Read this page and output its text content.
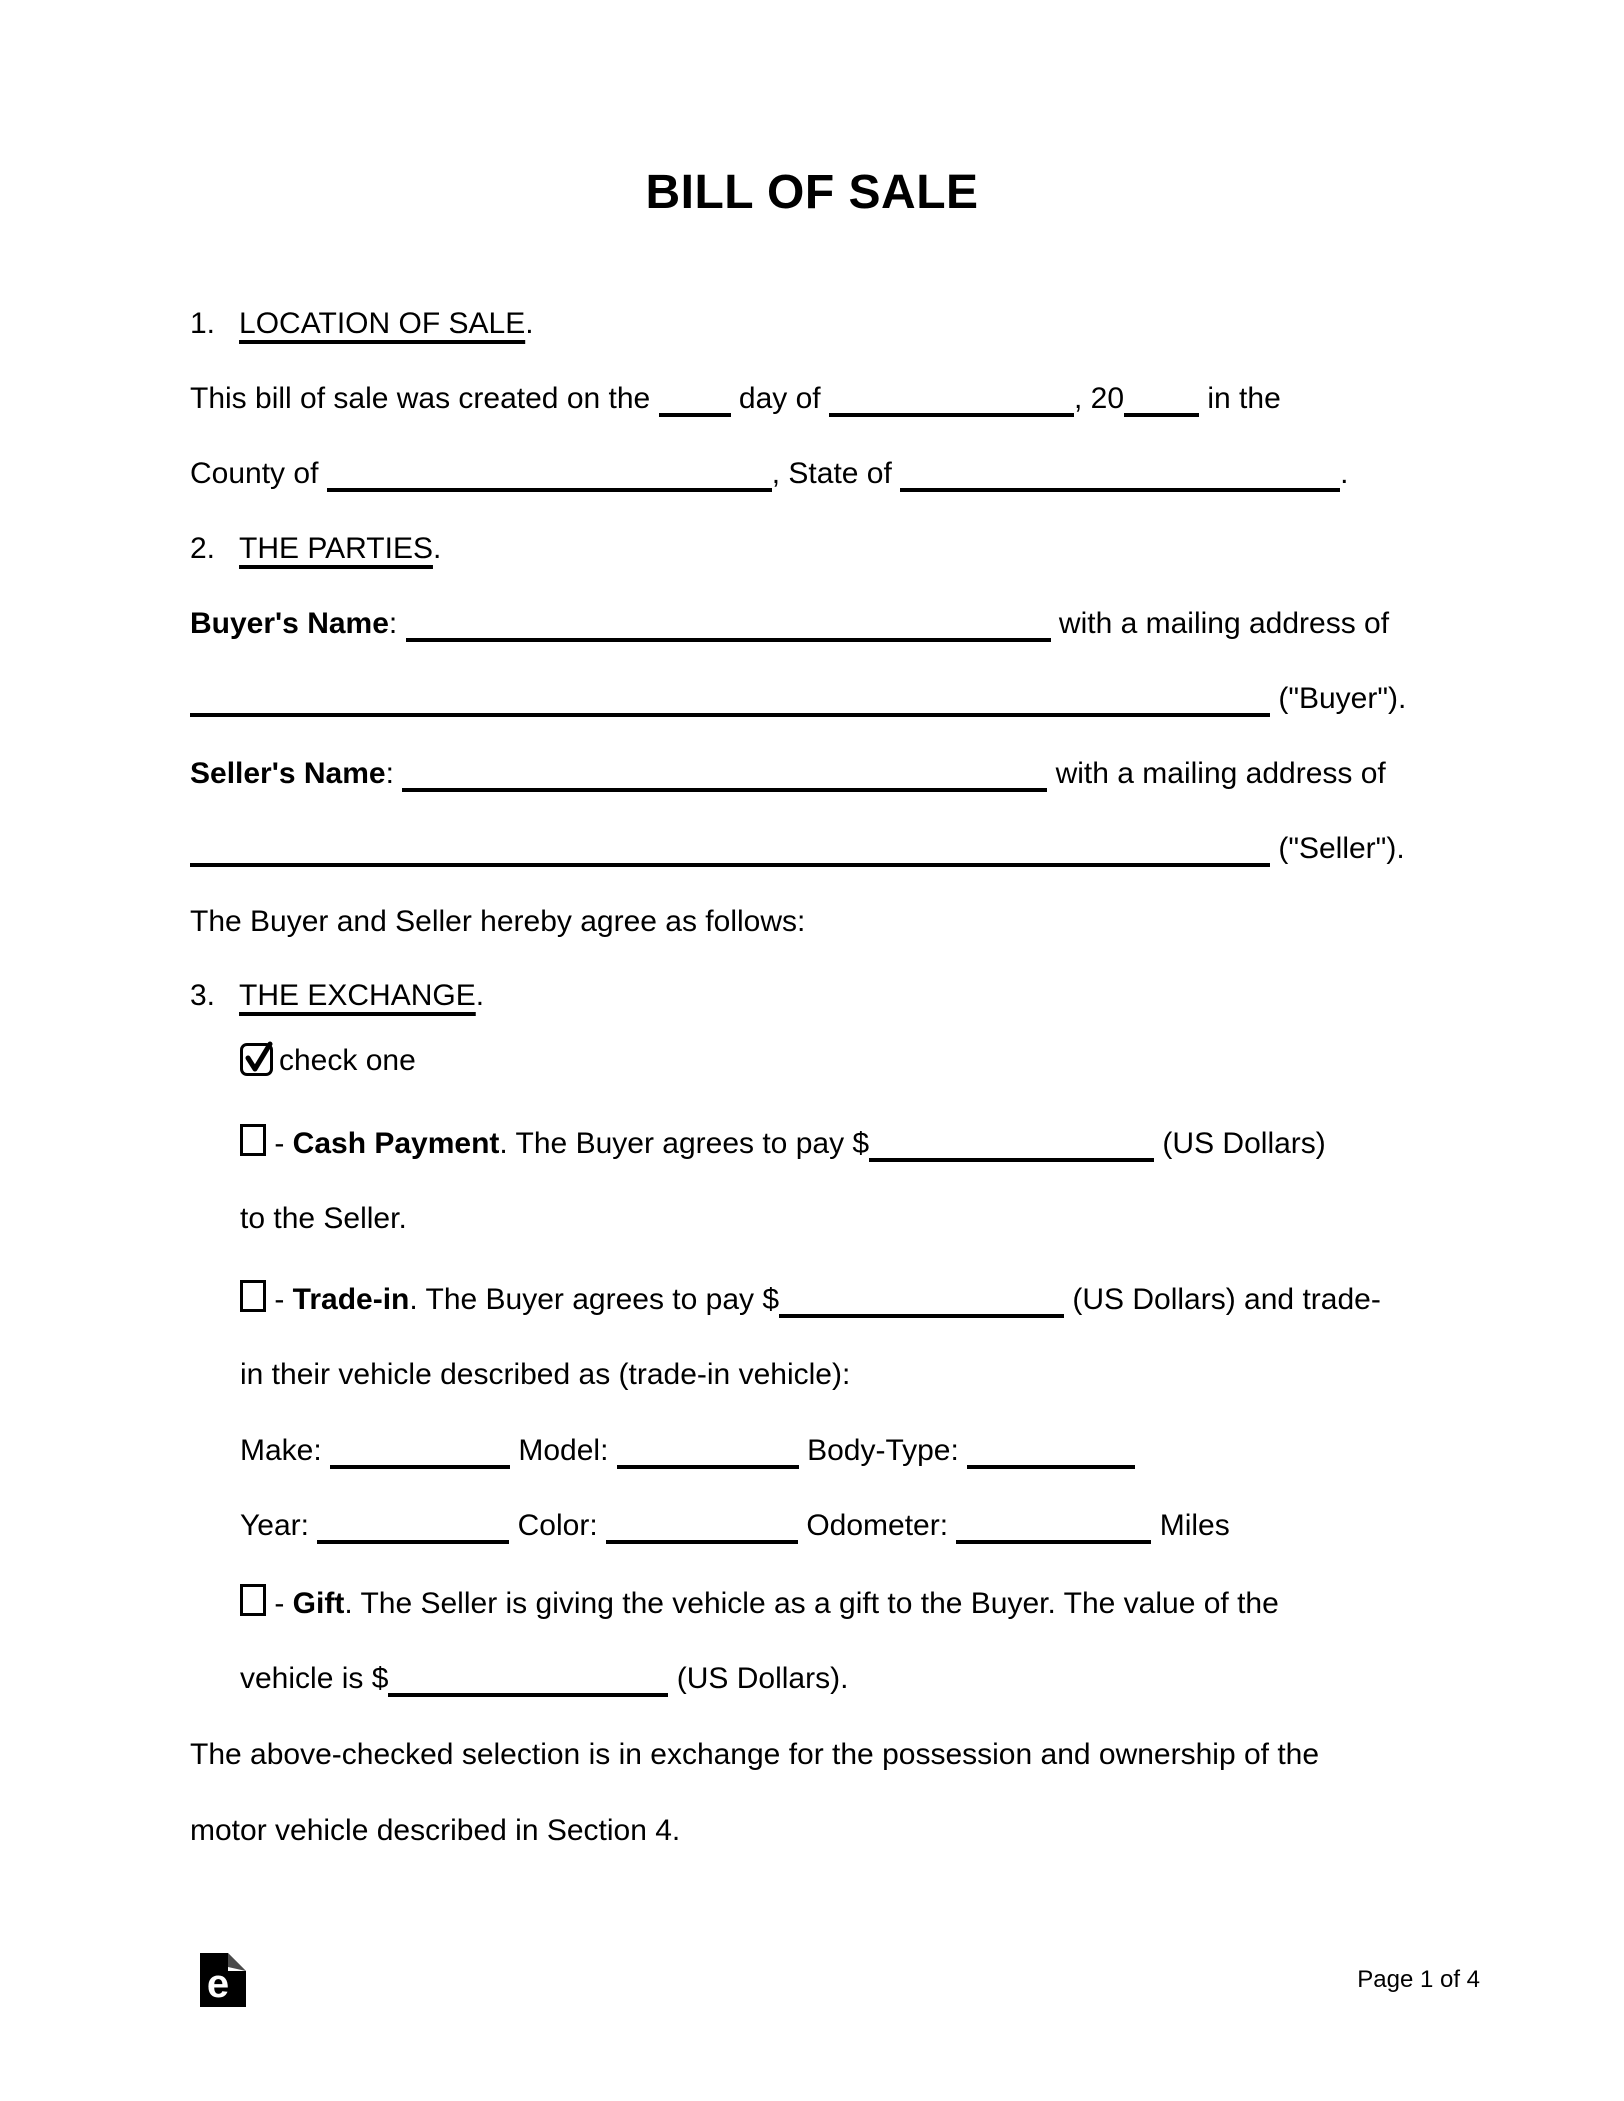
BILL OF SALE
1. LOCATION OF SALE.
This bill of sale was created on the  day of	, 20	in the
County of	, State of	.
2. THE PARTIES.
Buyer's Name:	with a mailing address of
("Buyer").
Seller's Name:	with a mailing address of
("Seller").
The Buyer and Seller hereby agree as follows:
3. THE EXCHANGE.
check one
- Cash Payment. The Buyer agrees to pay $	(US Dollars)
to the Seller.
- Trade-in. The Buyer agrees to pay $	(US Dollars) and trade-
in their vehicle described as (trade-in vehicle):
Make:	Model:	Body-Type:
Year:	Color:	Odometer:	Miles
- Gift. The Seller is giving the vehicle as a gift to the Buyer. The value of the
vehicle is $	(US Dollars).
The above-checked selection is in exchange for the possession and ownership of the
motor vehicle described in Section 4.
e	Page 1 of 4
